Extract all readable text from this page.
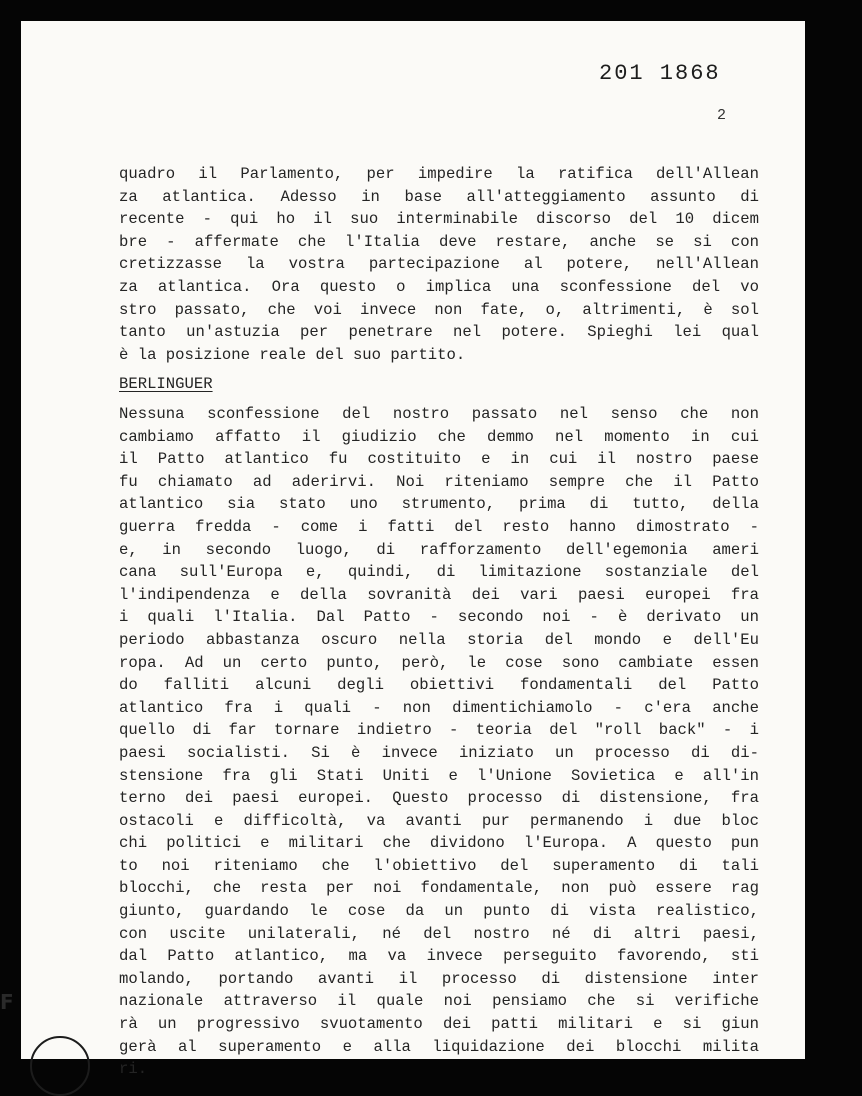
201 1868
2
quadro il Parlamento, per impedire la ratifica dell'Allean
za atlantica. Adesso in base all'atteggiamento assunto di
recente - qui ho il suo interminabile discorso del 10 dicem
bre - affermate che l'Italia deve restare, anche se si con
cretizzasse la vostra partecipazione al potere, nell'Allean
za atlantica. Ora questo o implica una sconfessione del vo
stro passato, che voi invece non fate, o, altrimenti, è sol
tanto un'astuzia per penetrare nel potere. Spieghi lei qual
è la posizione reale del suo partito.
BERLINGUER
Nessuna sconfessione del nostro passato nel senso che non
cambiamo affatto il giudizio che demmo nel momento in cui
il Patto atlantico fu costituito e in cui il nostro paese
fu chiamato ad aderirvi. Noi riteniamo sempre che il Patto
atlantico sia stato uno strumento, prima di tutto, della
guerra fredda - come i fatti del resto hanno dimostrato -
e, in secondo luogo, di rafforzamento dell'egemonia ameri
cana sull'Europa e, quindi, di limitazione sostanziale del
l'indipendenza e della sovranità dei vari paesi europei fra
i quali l'Italia. Dal Patto - secondo noi - è derivato un
periodo abbastanza oscuro nella storia del mondo e dell'Eu
ropa. Ad un certo punto, però, le cose sono cambiate essen
do falliti alcuni degli obiettivi fondamentali del Patto
atlantico fra i quali - non dimentichiamolo - c'era anche
quello di far tornare indietro - teoria del "roll back" - i
paesi socialisti. Si è invece iniziato un processo di di-
stensione fra gli Stati Uniti e l'Unione Sovietica e all'in
terno dei paesi europei. Questo processo di distensione, fra
ostacoli e difficoltà, va avanti pur permanendo i due bloc
chi politici e militari che dividono l'Europa. A questo pun
to noi riteniamo che l'obiettivo del superamento di tali
blocchi, che resta per noi fondamentale, non può essere rag
giunto, guardando le cose da un punto di vista realistico,
con uscite unilaterali, né del nostro né di altri paesi,
dal Patto atlantico, ma va invece perseguito favorendo, sti
molando, portando avanti il processo di distensione inter
nazionale attraverso il quale noi pensiamo che si verifiche
rà un progressivo svuotamento dei patti militari e si giun
gerà al superamento e alla liquidazione dei blocchi milita
ri.
F
